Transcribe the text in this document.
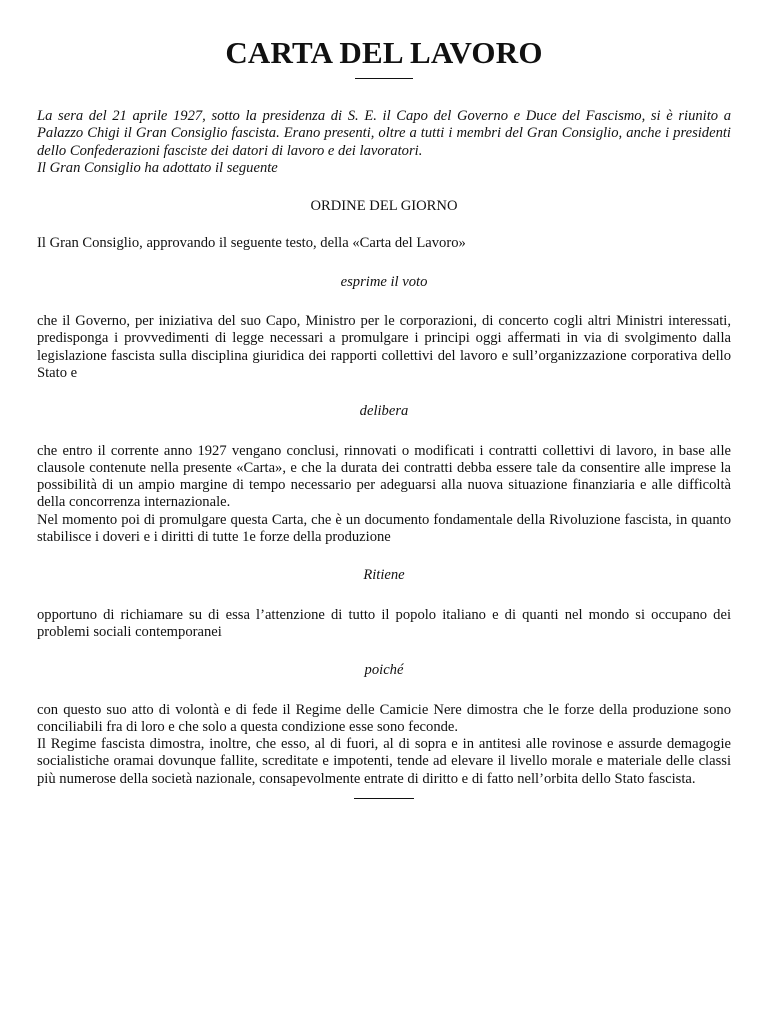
CARTA DEL LAVORO

La sera del 21 aprile 1927, sotto la presidenza di S. E. il Capo del Governo e Duce del Fascismo, si è riunito a Palazzo Chigi il Gran Consiglio fascista. Erano presenti, oltre a tutti i membri del Gran Consiglio, anche i presidenti dello Confederazioni fasciste dei datori di lavoro e dei lavoratori.

Il Gran Consiglio ha adottato il seguente

ORDINE DEL GIORNO

Il Gran Consiglio, approvando il seguente testo, della «Carta del Lavoro»

esprime il voto

che il Governo, per iniziativa del suo Capo, Ministro per le corporazioni, di concerto cogli altri Ministri interessati, predisponga i provvedimenti di legge necessari a promulgare i principi oggi affermati in via di svolgimento dalla legislazione fascista sulla disciplina giuridica dei rapporti collettivi del lavoro e sull’organizzazione corporativa dello Stato e

delibera

che entro il corrente anno 1927 vengano conclusi, rinnovati o modificati i contratti collettivi di lavoro, in base alle clausole contenute nella presente «Carta», e che la durata dei contratti debba essere tale da consentire alle imprese la possibilità di un ampio margine di tempo necessario per adeguarsi alla nuova situazione finanziaria e alle difficoltà della concorrenza internazionale.

Nel momento poi di promulgare questa Carta, che è un documento fondamentale della Rivoluzione fascista, in quanto stabilisce i doveri e i diritti di tutte 1e forze della produzione

Ritiene

opportuno di richiamare su di essa l’attenzione di tutto il popolo italiano e di quanti nel mondo si occupano dei problemi sociali contemporanei

poiché

con questo suo atto di volontà e di fede il Regime delle Camicie Nere dimostra che le forze della produzione sono conciliabili fra di loro e che solo a questa condizione esse sono feconde.

Il Regime fascista dimostra, inoltre, che esso, al di fuori, al di sopra e in antitesi alle rovinose e assurde demagogie socialistiche oramai dovunque fallite, screditate e impotenti, tende ad elevare il livello morale e materiale delle classi più numerose della società nazionale, consapevolmente entrate di diritto e di fatto nell’orbita dello Stato fascista.
